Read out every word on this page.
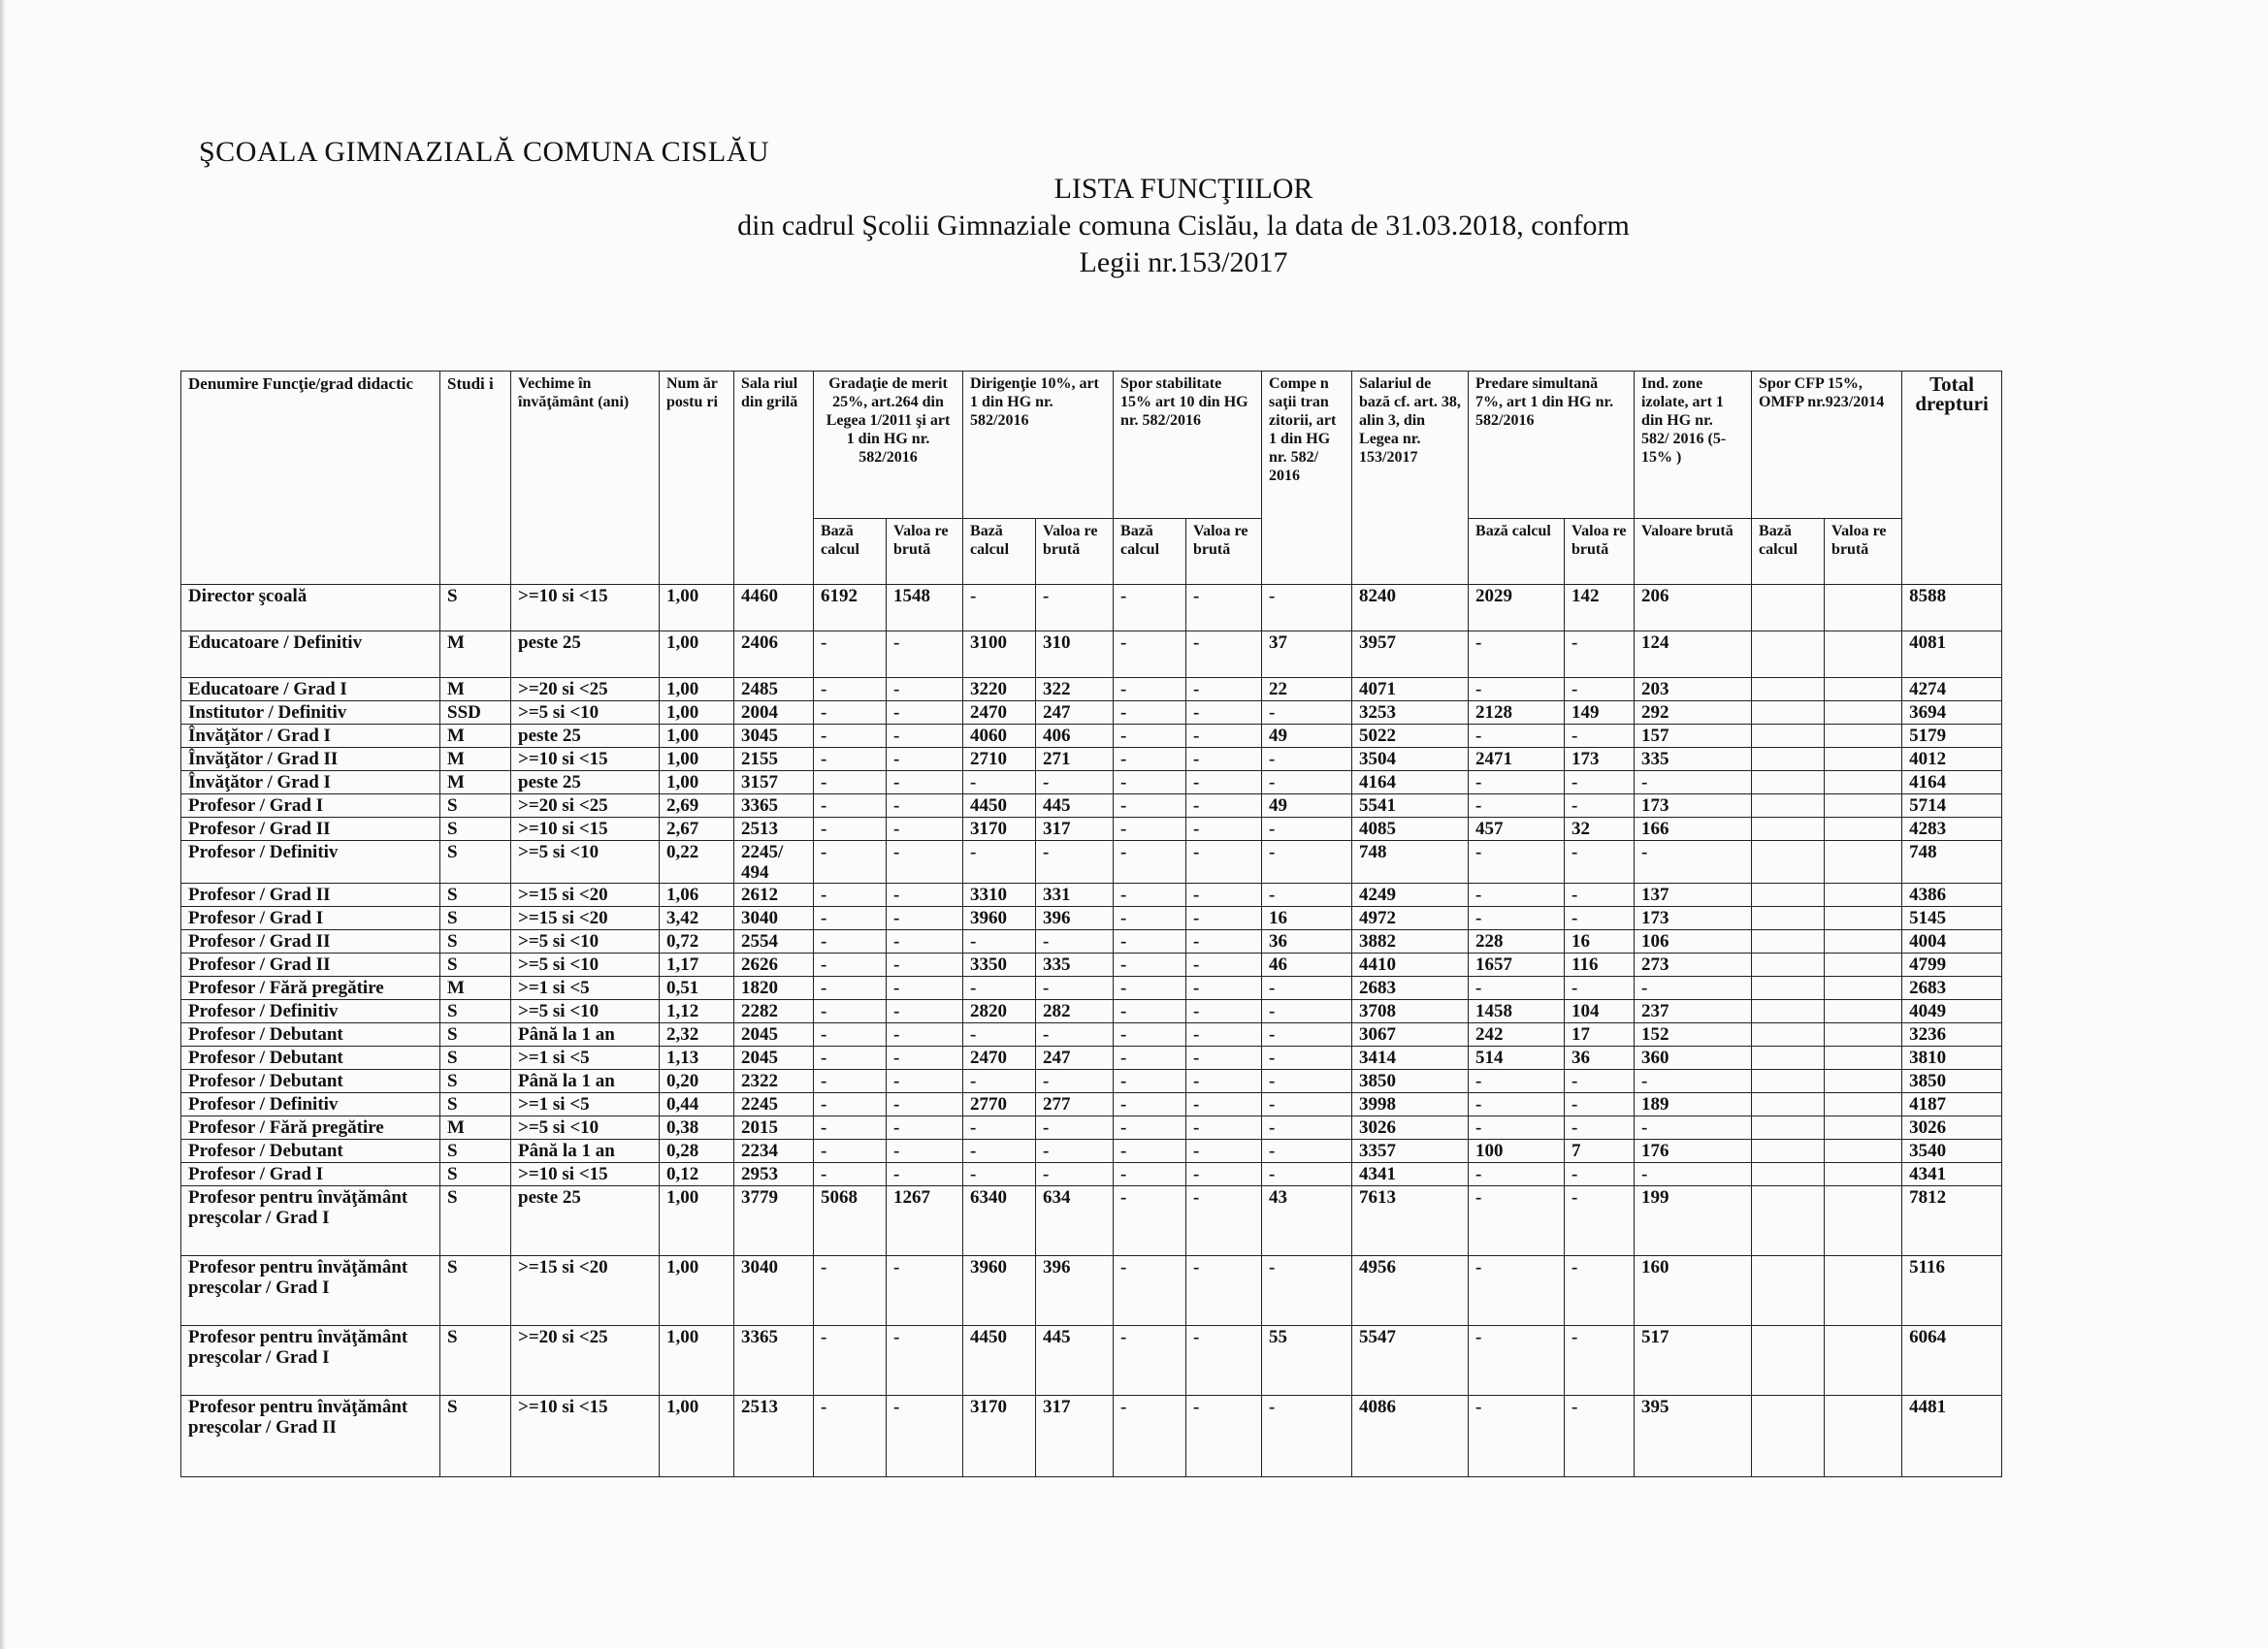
ŞCOALA GIMNAZIALĂ COMUNA CISLĂU
LISTA FUNCŢIILOR
din cadrul Şcolii Gimnaziale comuna Cislău, la data de 31.03.2018, conform
Legii nr.153/2017
Denumire Funcţie/grad didactic	Studi i	Vechime în învăţământ (ani)	Num ăr postu ri	Sala riul din grilă	Gradaţie de merit 25%, art.264 din Legea 1/2011 şi art 1 din HG nr. 582/2016		Dirigenţie 10%, art 1 din HG nr. 582/2016		Spor stabilitate 15% art 10 din HG nr. 582/2016		Compe n saţii tran zitorii, art 1 din HG nr. 582/ 2016	Salariul de bază cf. art. 38, alin 3, din Legea nr. 153/2017	Predare simultană 7%, art 1 din HG nr. 582/2016		Ind. zone izolate, art 1 din HG nr. 582/ 2016 (5-15% )	Spor CFP 15%, OMFP nr.923/2014		Total drepturi
					Bază calcul	Valoa re brută	Bază calcul	Valoa re brută	Bază calcul	Valoa re brută			Bază calcul	Valoa re brută	Valoare brută	Bază calcul	Valoa re brută	
Director şcoală	S	>=10 si <15	1,00	4460	6192	1548	-	-	-	-	-	8240	2029	142	206			8588
Educatoare / Definitiv	M	peste 25	1,00	2406	-	-	3100	310	-	-	37	3957	-	-	124			4081
Educatoare / Grad I	M	>=20 si <25	1,00	2485	-	-	3220	322	-	-	22	4071	-	-	203			4274
Institutor / Definitiv	SSD	>=5 si <10	1,00	2004	-	-	2470	247	-	-	-	3253	2128	149	292			3694
Învăţător / Grad I	M	peste 25	1,00	3045	-	-	4060	406	-	-	49	5022	-	-	157			5179
Învăţător / Grad II	M	>=10 si <15	1,00	2155	-	-	2710	271	-	-	-	3504	2471	173	335			4012
Învăţător / Grad I	M	peste 25	1,00	3157	-	-	-	-	-	-	-	4164	-	-	-			4164
Profesor / Grad I	S	>=20 si <25	2,69	3365	-	-	4450	445	-	-	49	5541	-	-	173			5714
Profesor / Grad II	S	>=10 si <15	2,67	2513	-	-	3170	317	-	-	-	4085	457	32	166			4283
Profesor / Definitiv	S	>=5 si <10	0,22	2245/ 494	-	-	-	-	-	-	-	748	-	-	-			748
Profesor / Grad II	S	>=15 si <20	1,06	2612	-	-	3310	331	-	-	-	4249	-	-	137			4386
Profesor / Grad I	S	>=15 si <20	3,42	3040	-	-	3960	396	-	-	16	4972	-	-	173			5145
Profesor / Grad II	S	>=5 si <10	0,72	2554	-	-	-	-	-	-	36	3882	228	16	106			4004
Profesor / Grad II	S	>=5 si <10	1,17	2626	-	-	3350	335	-	-	46	4410	1657	116	273			4799
Profesor / Fără pregătire	M	>=1 si <5	0,51	1820	-	-	-	-	-	-	-	2683	-	-	-			2683
Profesor / Definitiv	S	>=5 si <10	1,12	2282	-	-	2820	282	-	-	-	3708	1458	104	237			4049
Profesor / Debutant	S	Până la 1 an	2,32	2045	-	-	-	-	-	-	-	3067	242	17	152			3236
Profesor / Debutant	S	>=1 si <5	1,13	2045	-	-	2470	247	-	-	-	3414	514	36	360			3810
Profesor / Debutant	S	Până la 1 an	0,20	2322	-	-	-	-	-	-	-	3850	-	-	-			3850
Profesor / Definitiv	S	>=1 si <5	0,44	2245	-	-	2770	277	-	-	-	3998	-	-	189			4187
Profesor / Fără pregătire	M	>=5 si <10	0,38	2015	-	-	-	-	-	-	-	3026	-	-	-			3026
Profesor / Debutant	S	Până la 1 an	0,28	2234	-	-	-	-	-	-	-	3357	100	7	176			3540
Profesor / Grad I	S	>=10 si <15	0,12	2953	-	-	-	-	-	-	-	4341	-	-	-			4341
Profesor pentru învăţământ preşcolar / Grad I	S	peste 25	1,00	3779	5068	1267	6340	634	-	-	43	7613	-	-	199			7812
Profesor pentru învăţământ preşcolar / Grad I	S	>=15 si <20	1,00	3040	-	-	3960	396	-	-	-	4956	-	-	160			5116
Profesor pentru învăţământ preşcolar / Grad I	S	>=20 si <25	1,00	3365	-	-	4450	445	-	-	55	5547	-	-	517			6064
Profesor pentru învăţământ preşcolar / Grad II	S	>=10 si <15	1,00	2513	-	-	3170	317	-	-	-	4086	-	-	395			4481
